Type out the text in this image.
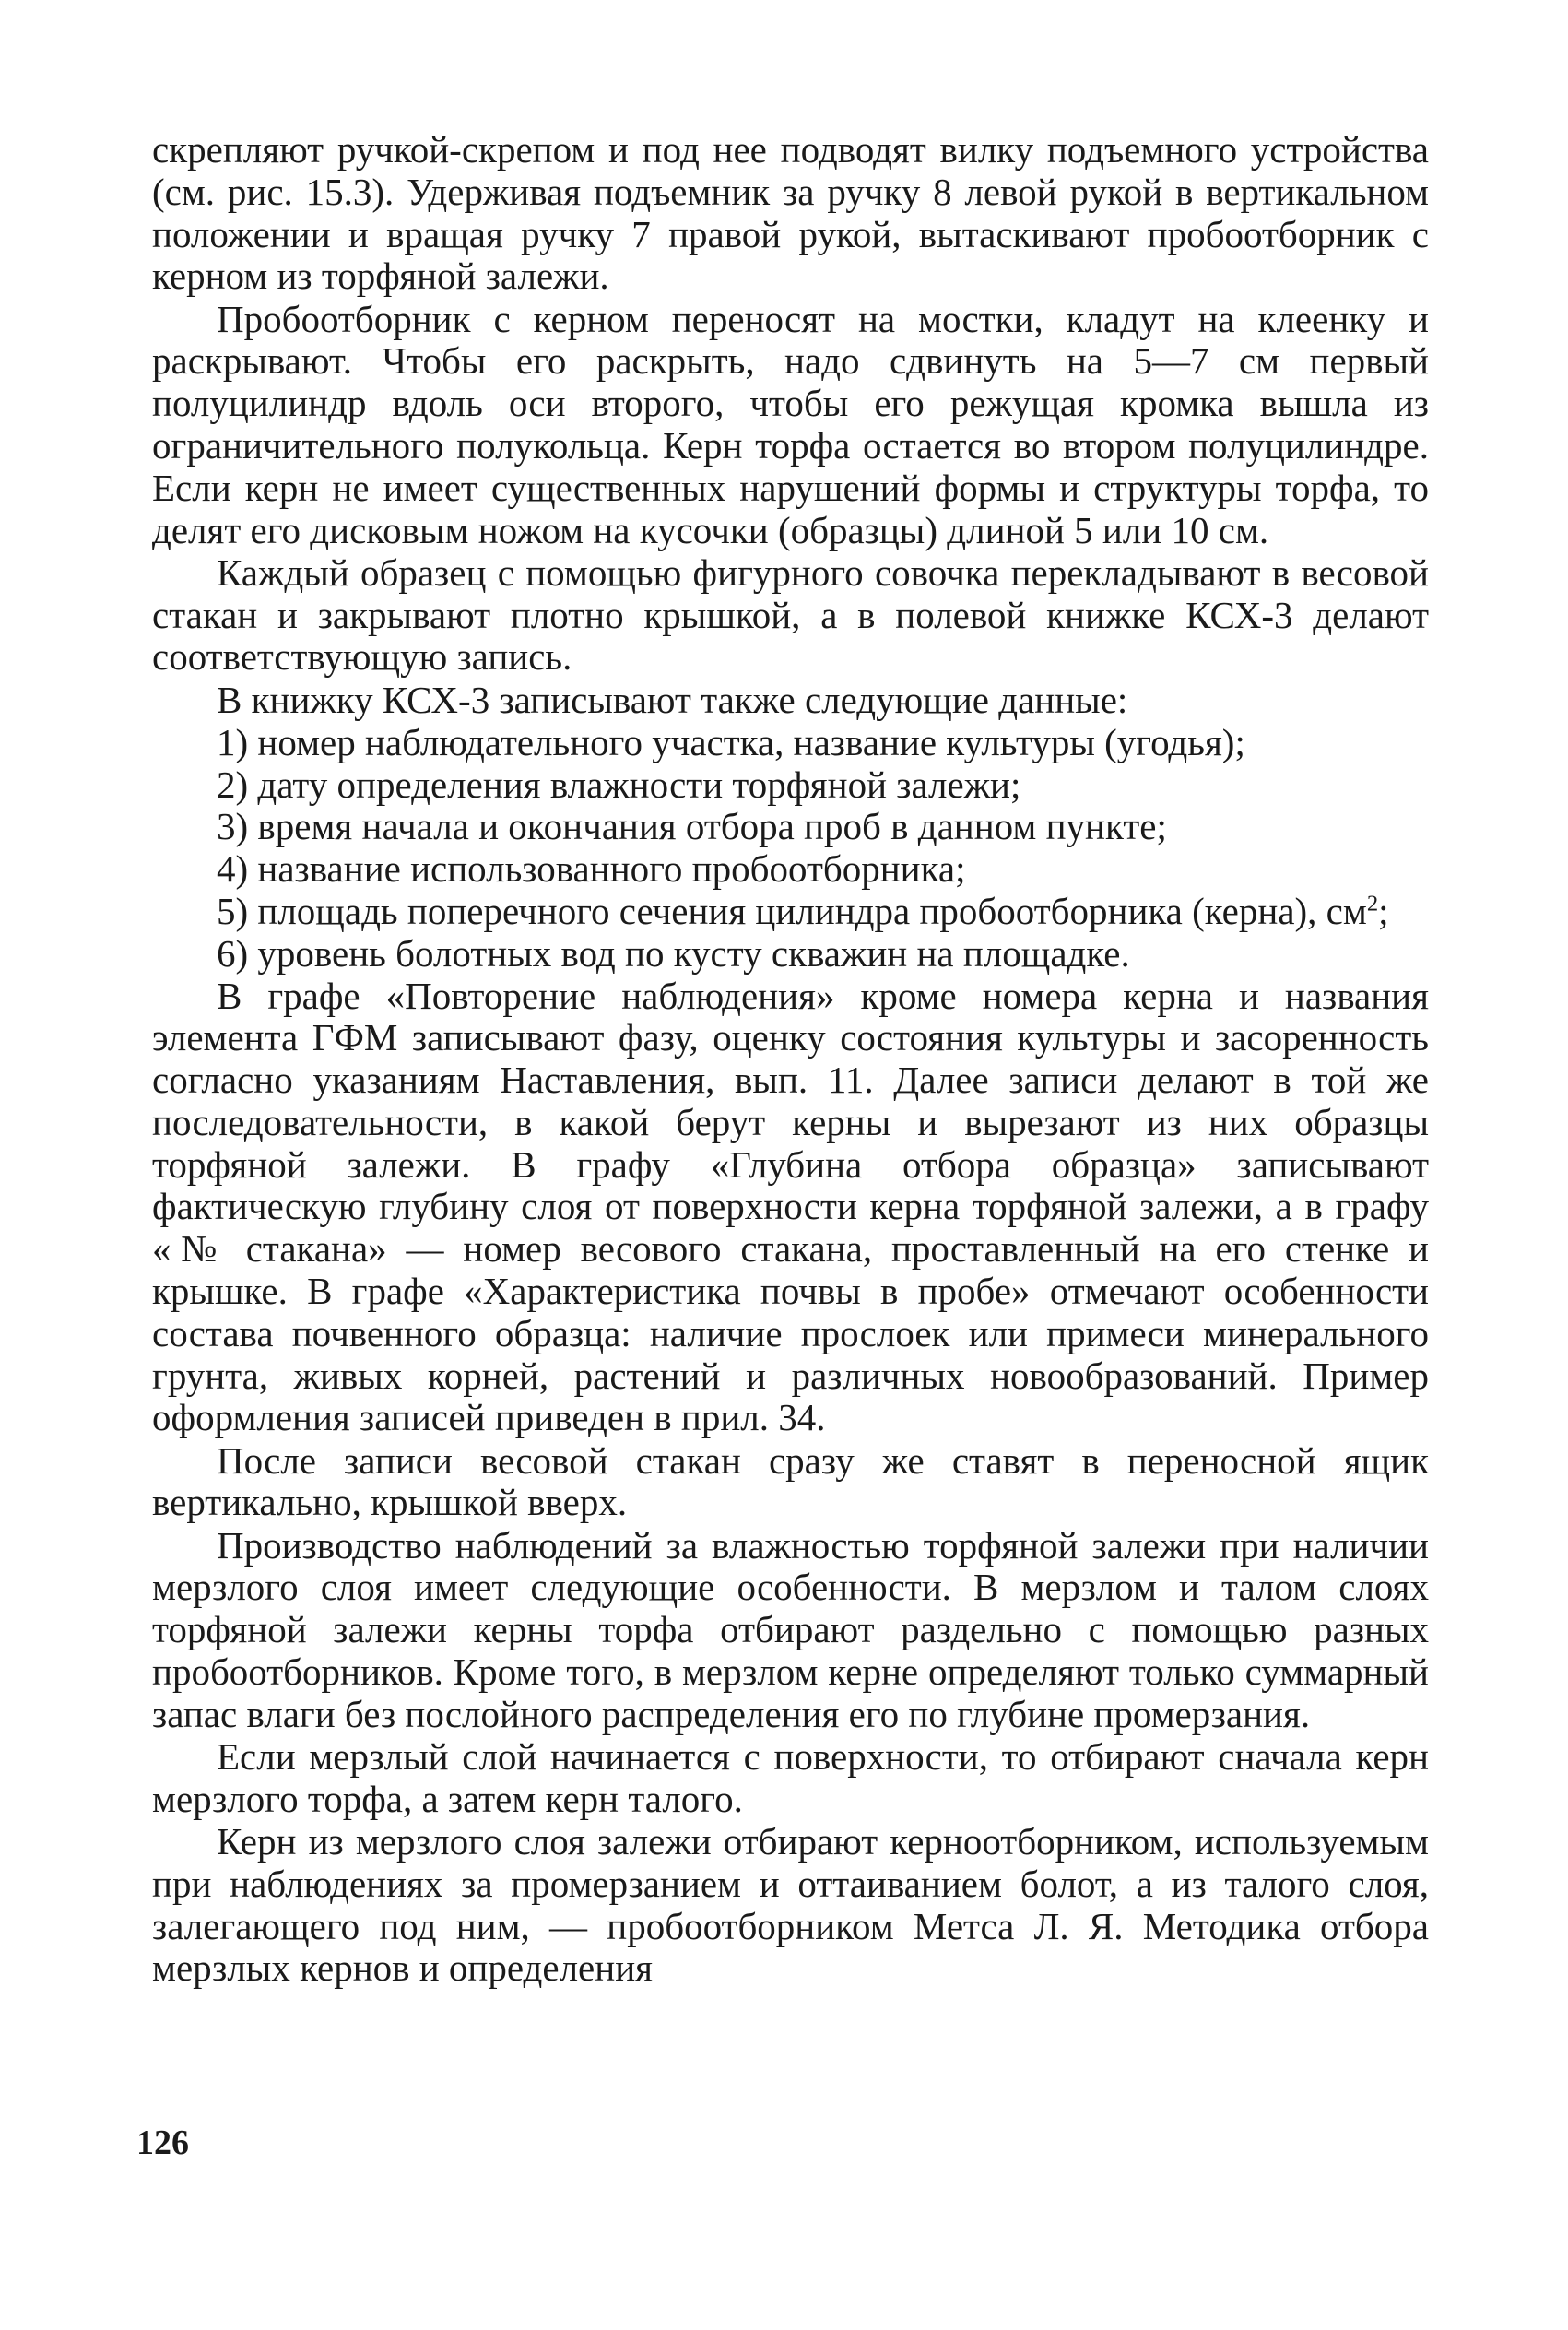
скрепляют ручкой-скрепом и под нее подводят вилку подъемного устройства (см. рис. 15.3). Удерживая подъемник за ручку 8 левой рукой в вертикальном положении и вращая ручку 7 правой рукой, вытаскивают пробоотборник с керном из торфяной залежи.

Пробоотборник с керном переносят на мостки, кладут на клеенку и раскрывают. Чтобы его раскрыть, надо сдвинуть на 5—7 см первый полуцилиндр вдоль оси второго, чтобы его режущая кромка вышла из ограничительного полукольца. Керн торфа остается во втором полуцилиндре. Если керн не имеет существенных нарушений формы и структуры торфа, то делят его дисковым ножом на кусочки (образцы) длиной 5 или 10 см.

Каждый образец с помощью фигурного совочка перекладывают в весовой стакан и закрывают плотно крышкой, а в полевой книжке КСХ-3 делают соответствующую запись.

В книжку КСХ-3 записывают также следующие данные:

1) номер наблюдательного участка, название культуры (угодья);

2) дату определения влажности торфяной залежи;

3) время начала и окончания отбора проб в данном пункте;

4) название использованного пробоотборника;

5) площадь поперечного сечения цилиндра пробоотборника (керна), $см^2$;

6) уровень болотных вод по кусту скважин на площадке.

В графе «Повторение наблюдения» кроме номера керна и названия элемента ГФМ записывают фазу, оценку состояния культуры и засоренность согласно указаниям Наставления, вып. 11. Далее записи делают в той же последовательности, в какой берут керны и вырезают из них образцы торфяной залежи. В графу «Глубина отбора образца» записывают фактическую глубину слоя от поверхности керна торфяной залежи, а в графу «№ стакана» — номер весового стакана, проставленный на его стенке и крышке. В графе «Характеристика почвы в пробе» отмечают особенности состава почвенного образца: наличие прослоек или примеси минерального грунта, живых корней, растений и различных новообразований. Пример оформления записей приведен в прил. 34.

После записи весовой стакан сразу же ставят в переносной ящик вертикально, крышкой вверх.

Производство наблюдений за влажностью торфяной залежи при наличии мерзлого слоя имеет следующие особенности. В мерзлом и талом слоях торфяной залежи керны торфа отбирают раздельно с помощью разных пробоотборников. Кроме того, в мерзлом керне определяют только суммарный запас влаги без послойного распределения его по глубине промерзания.

Если мерзлый слой начинается с поверхности, то отбирают сначала керн мерзлого торфа, а затем керн талого.

Керн из мерзлого слоя залежи отбирают керноотборником, используемым при наблюдениях за промерзанием и оттаиванием болот, а из талого слоя, залегающего под ним, — пробоотборником Метса Л. Я. Методика отбора мерзлых кернов и определения

126
